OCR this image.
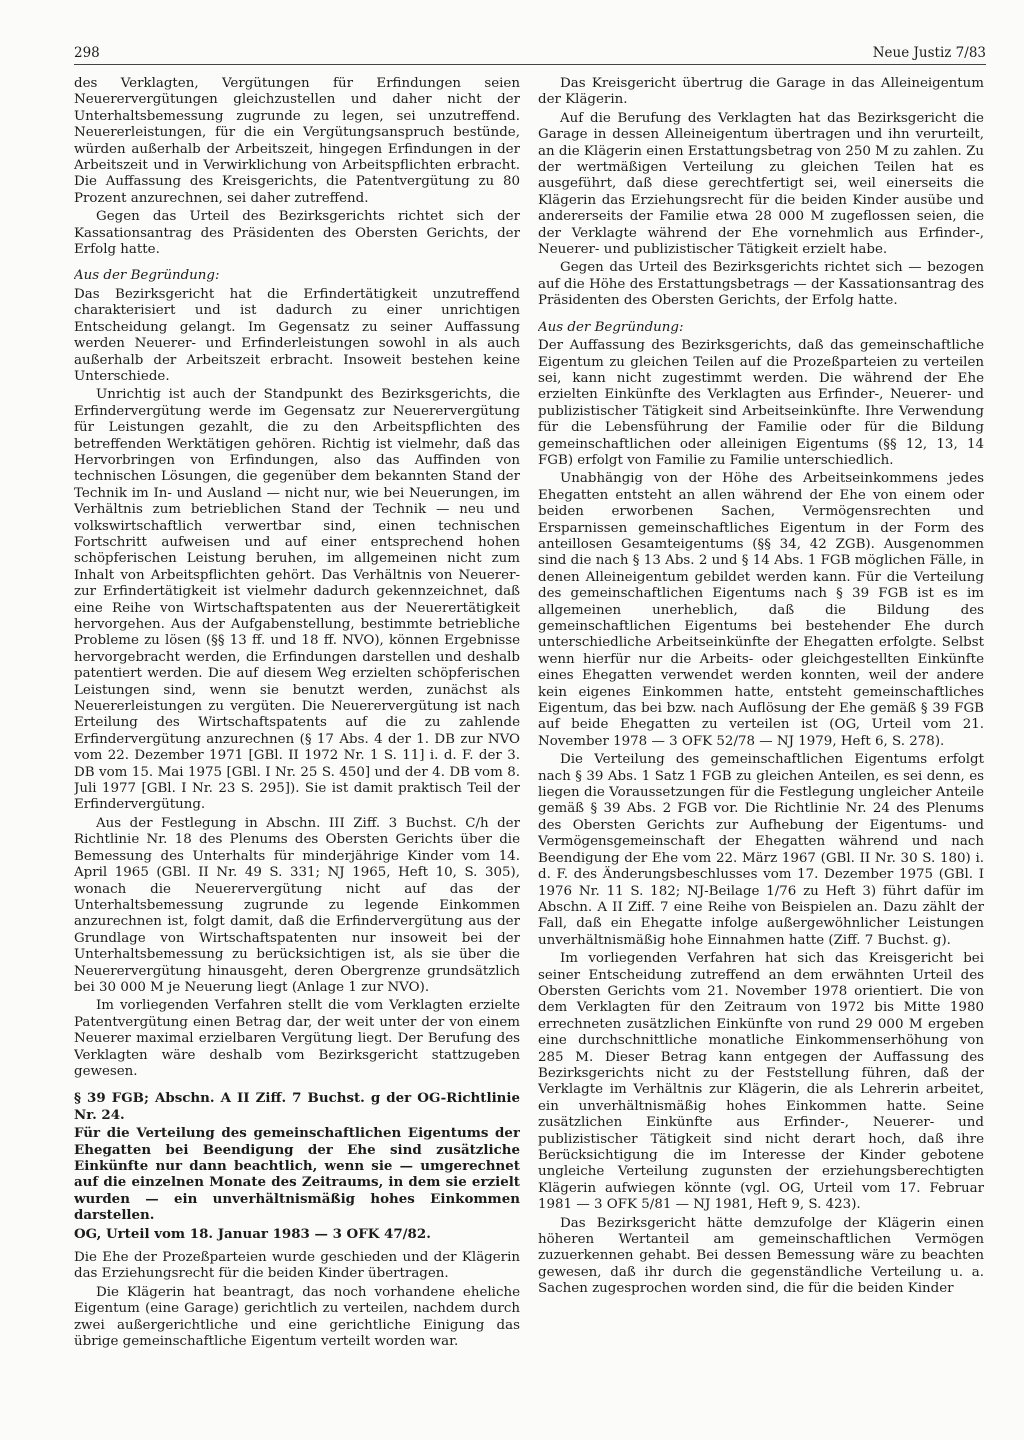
298	Neue Justiz 7/83

des Verklagten, Vergütungen für Erfindungen seien Neuerervergütungen gleichzustellen und daher nicht der Unterhaltsbemessung zugrunde zu legen, sei unzutreffend. Neuererleistungen, für die ein Vergütungsanspruch bestünde, würden außerhalb der Arbeitszeit, hingegen Erfindungen in der Arbeitszeit und in Verwirklichung von Arbeitspflichten erbracht. Die Auffassung des Kreisgerichts, die Patentvergütung zu 80 Prozent anzurechnen, sei daher zutreffend.

Gegen das Urteil des Bezirksgerichts richtet sich der Kassationsantrag des Präsidenten des Obersten Gerichts, der Erfolg hatte.

Aus der Begründung:

Das Bezirksgericht hat die Erfindertätigkeit unzutreffend charakterisiert und ist dadurch zu einer unrichtigen Entscheidung gelangt. Im Gegensatz zu seiner Auffassung werden Neuerer- und Erfinderleistungen sowohl in als auch außerhalb der Arbeitszeit erbracht. Insoweit bestehen keine Unterschiede.

Unrichtig ist auch der Standpunkt des Bezirksgerichts, die Erfindervergütung werde im Gegensatz zur Neuerervergütung für Leistungen gezahlt, die zu den Arbeitspflichten des betreffenden Werktätigen gehören. Richtig ist vielmehr, daß das Hervorbringen von Erfindungen, also das Auffinden von technischen Lösungen, die gegenüber dem bekannten Stand der Technik im In- und Ausland — nicht nur, wie bei Neuerungen, im Verhältnis zum betrieblichen Stand der Technik — neu und volkswirtschaftlich verwertbar sind, einen technischen Fortschritt aufweisen und auf einer entsprechend hohen schöpferischen Leistung beruhen, im allgemeinen nicht zum Inhalt von Arbeitspflichten gehört. Das Verhältnis von Neuerer- zur Erfindertätigkeit ist vielmehr dadurch gekennzeichnet, daß eine Reihe von Wirtschaftspatenten aus der Neuerertätigkeit hervorgehen. Aus der Aufgabenstellung, bestimmte betriebliche Probleme zu lösen (§§ 13 ff. und 18 ff. NVO), können Ergebnisse hervorgebracht werden, die Erfindungen darstellen und deshalb patentiert werden. Die auf diesem Weg erzielten schöpferischen Leistungen sind, wenn sie benutzt werden, zunächst als Neuererleistungen zu vergüten. Die Neuerervergütung ist nach Erteilung des Wirtschaftspatents auf die zu zahlende Erfindervergütung anzurechnen (§ 17 Abs. 4 der 1. DB zur NVO vom 22. Dezember 1971 [GBl. II 1972 Nr. 1 S. 11] i. d. F. der 3. DB vom 15. Mai 1975 [GBl. I Nr. 25 S. 450] und der 4. DB vom 8. Juli 1977 [GBl. I Nr. 23 S. 295]). Sie ist damit praktisch Teil der Erfindervergütung.

Aus der Festlegung in Abschn. III Ziff. 3 Buchst. C/h der Richtlinie Nr. 18 des Plenums des Obersten Gerichts über die Bemessung des Unterhalts für minderjährige Kinder vom 14. April 1965 (GBl. II Nr. 49 S. 331; NJ 1965, Heft 10, S. 305), wonach die Neuerervergütung nicht auf das der Unterhaltsbemessung zugrunde zu legende Einkommen anzurechnen ist, folgt damit, daß die Erfindervergütung aus der Grundlage von Wirtschaftspatenten nur insoweit bei der Unterhaltsbemessung zu berücksichtigen ist, als sie über die Neuerervergütung hinausgeht, deren Obergrenze grundsätzlich bei 30 000 M je Neuerung liegt (Anlage 1 zur NVO).

Im vorliegenden Verfahren stellt die vom Verklagten erzielte Patentvergütung einen Betrag dar, der weit unter der von einem Neuerer maximal erzielbaren Vergütung liegt. Der Berufung des Verklagten wäre deshalb vom Bezirksgericht stattzugeben gewesen.

§ 39 FGB; Abschn. A II Ziff. 7 Buchst. g der OG-Richtlinie Nr. 24.

Für die Verteilung des gemeinschaftlichen Eigentums der Ehegatten bei Beendigung der Ehe sind zusätzliche Einkünfte nur dann beachtlich, wenn sie — umgerechnet auf die einzelnen Monate des Zeitraums, in dem sie erzielt wurden — ein unverhältnismäßig hohes Einkommen darstellen.

OG, Urteil vom 18. Januar 1983 — 3 OFK 47/82.

Die Ehe der Prozeßparteien wurde geschieden und der Klägerin das Erziehungsrecht für die beiden Kinder übertragen.

Die Klägerin hat beantragt, das noch vorhandene eheliche Eigentum (eine Garage) gerichtlich zu verteilen, nachdem durch zwei außergerichtliche und eine gerichtliche Einigung das übrige gemeinschaftliche Eigentum verteilt worden war.

Das Kreisgericht übertrug die Garage in das Alleineigentum der Klägerin.

Auf die Berufung des Verklagten hat das Bezirksgericht die Garage in dessen Alleineigentum übertragen und ihn verurteilt, an die Klägerin einen Erstattungsbetrag von 250 M zu zahlen. Zu der wertmäßigen Verteilung zu gleichen Teilen hat es ausgeführt, daß diese gerechtfertigt sei, weil einerseits die Klägerin das Erziehungsrecht für die beiden Kinder ausübe und andererseits der Familie etwa 28 000 M zugeflossen seien, die der Verklagte während der Ehe vornehmlich aus Erfinder-, Neuerer- und publizistischer Tätigkeit erzielt habe.

Gegen das Urteil des Bezirksgerichts richtet sich — bezogen auf die Höhe des Erstattungsbetrags — der Kassationsantrag des Präsidenten des Obersten Gerichts, der Erfolg hatte.

Aus der Begründung:

Der Auffassung des Bezirksgerichts, daß das gemeinschaftliche Eigentum zu gleichen Teilen auf die Prozeßparteien zu verteilen sei, kann nicht zugestimmt werden. Die während der Ehe erzielten Einkünfte des Verklagten aus Erfinder-, Neuerer- und publizistischer Tätigkeit sind Arbeitseinkünfte. Ihre Verwendung für die Lebensführung der Familie oder für die Bildung gemeinschaftlichen oder alleinigen Eigentums (§§ 12, 13, 14 FGB) erfolgt von Familie zu Familie unterschiedlich.

Unabhängig von der Höhe des Arbeitseinkommens jedes Ehegatten entsteht an allen während der Ehe von einem oder beiden erworbenen Sachen, Vermögensrechten und Ersparnissen gemeinschaftliches Eigentum in der Form des anteillosen Gesamteigentums (§§ 34, 42 ZGB). Ausgenommen sind die nach § 13 Abs. 2 und § 14 Abs. 1 FGB möglichen Fälle, in denen Alleineigentum gebildet werden kann. Für die Verteilung des gemeinschaftlichen Eigentums nach § 39 FGB ist es im allgemeinen unerheblich, daß die Bildung des gemeinschaftlichen Eigentums bei bestehender Ehe durch unterschiedliche Arbeitseinkünfte der Ehegatten erfolgte. Selbst wenn hierfür nur die Arbeits- oder gleichgestellten Einkünfte eines Ehegatten verwendet werden konnten, weil der andere kein eigenes Einkommen hatte, entsteht gemeinschaftliches Eigentum, das bei bzw. nach Auflösung der Ehe gemäß § 39 FGB auf beide Ehegatten zu verteilen ist (OG, Urteil vom 21. November 1978 — 3 OFK 52/78 — NJ 1979, Heft 6, S. 278).

Die Verteilung des gemeinschaftlichen Eigentums erfolgt nach § 39 Abs. 1 Satz 1 FGB zu gleichen Anteilen, es sei denn, es liegen die Voraussetzungen für die Festlegung ungleicher Anteile gemäß § 39 Abs. 2 FGB vor. Die Richtlinie Nr. 24 des Plenums des Obersten Gerichts zur Aufhebung der Eigentums- und Vermögensgemeinschaft der Ehegatten während und nach Beendigung der Ehe vom 22. März 1967 (GBl. II Nr. 30 S. 180) i. d. F. des Änderungsbeschlusses vom 17. Dezember 1975 (GBl. I 1976 Nr. 11 S. 182; NJ-Beilage 1/76 zu Heft 3) führt dafür im Abschn. A II Ziff. 7 eine Reihe von Beispielen an. Dazu zählt der Fall, daß ein Ehegatte infolge außergewöhnlicher Leistungen unverhältnismäßig hohe Einnahmen hatte (Ziff. 7 Buchst. g).

Im vorliegenden Verfahren hat sich das Kreisgericht bei seiner Entscheidung zutreffend an dem erwähnten Urteil des Obersten Gerichts vom 21. November 1978 orientiert. Die von dem Verklagten für den Zeitraum von 1972 bis Mitte 1980 errechneten zusätzlichen Einkünfte von rund 29 000 M ergeben eine durchschnittliche monatliche Einkommenserhöhung von 285 M. Dieser Betrag kann entgegen der Auffassung des Bezirksgerichts nicht zu der Feststellung führen, daß der Verklagte im Verhältnis zur Klägerin, die als Lehrerin arbeitet, ein unverhältnismäßig hohes Einkommen hatte. Seine zusätzlichen Einkünfte aus Erfinder-, Neuerer- und publizistischer Tätigkeit sind nicht derart hoch, daß ihre Berücksichtigung die im Interesse der Kinder gebotene ungleiche Verteilung zugunsten der erziehungsberechtigten Klägerin aufwiegen könnte (vgl. OG, Urteil vom 17. Februar 1981 — 3 OFK 5/81 — NJ 1981, Heft 9, S. 423).

Das Bezirksgericht hätte demzufolge der Klägerin einen höheren Wertanteil am gemeinschaftlichen Vermögen zuzuerkennen gehabt. Bei dessen Bemessung wäre zu beachten gewesen, daß ihr durch die gegenständliche Verteilung u. a. Sachen zugesprochen worden sind, die für die beiden Kinder
